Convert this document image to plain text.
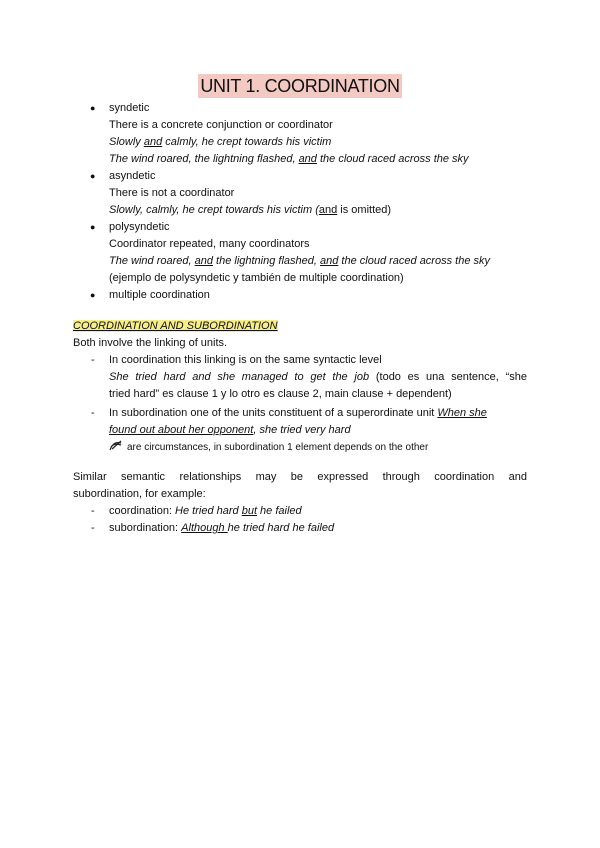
UNIT 1. COORDINATION
● syndetic
There is a concrete conjunction or coordinator
Slowly and calmly, he crept towards his victim
The wind roared, the lightning flashed, and the cloud raced across the sky
● asyndetic
There is not a coordinator
Slowly, calmly, he crept towards his victim (and is omitted)
● polysyndetic
Coordinator repeated, many coordinators
The wind roared, and the lightning flashed, and the cloud raced across the sky
(ejemplo de polysyndetic y también de multiple coordination)
● multiple coordination
COORDINATION AND SUBORDINATION
Both involve the linking of units.
- In coordination this linking is on the same syntactic level
She tried hard and she managed to get the job (todo es una sentence, “she
tried hard” es clause 1 y lo otro es clause 2, main clause + dependent)
- In subordination one of the units constituent of a superordinate unit When she
found out about her opponent, she tried very hard
are circumstances, in subordination 1 element depends on the other
Similar semantic relationships may be expressed through coordination and
subordination, for example:
- coordination: He tried hard but he failed
- subordination: Although he tried hard he failed
